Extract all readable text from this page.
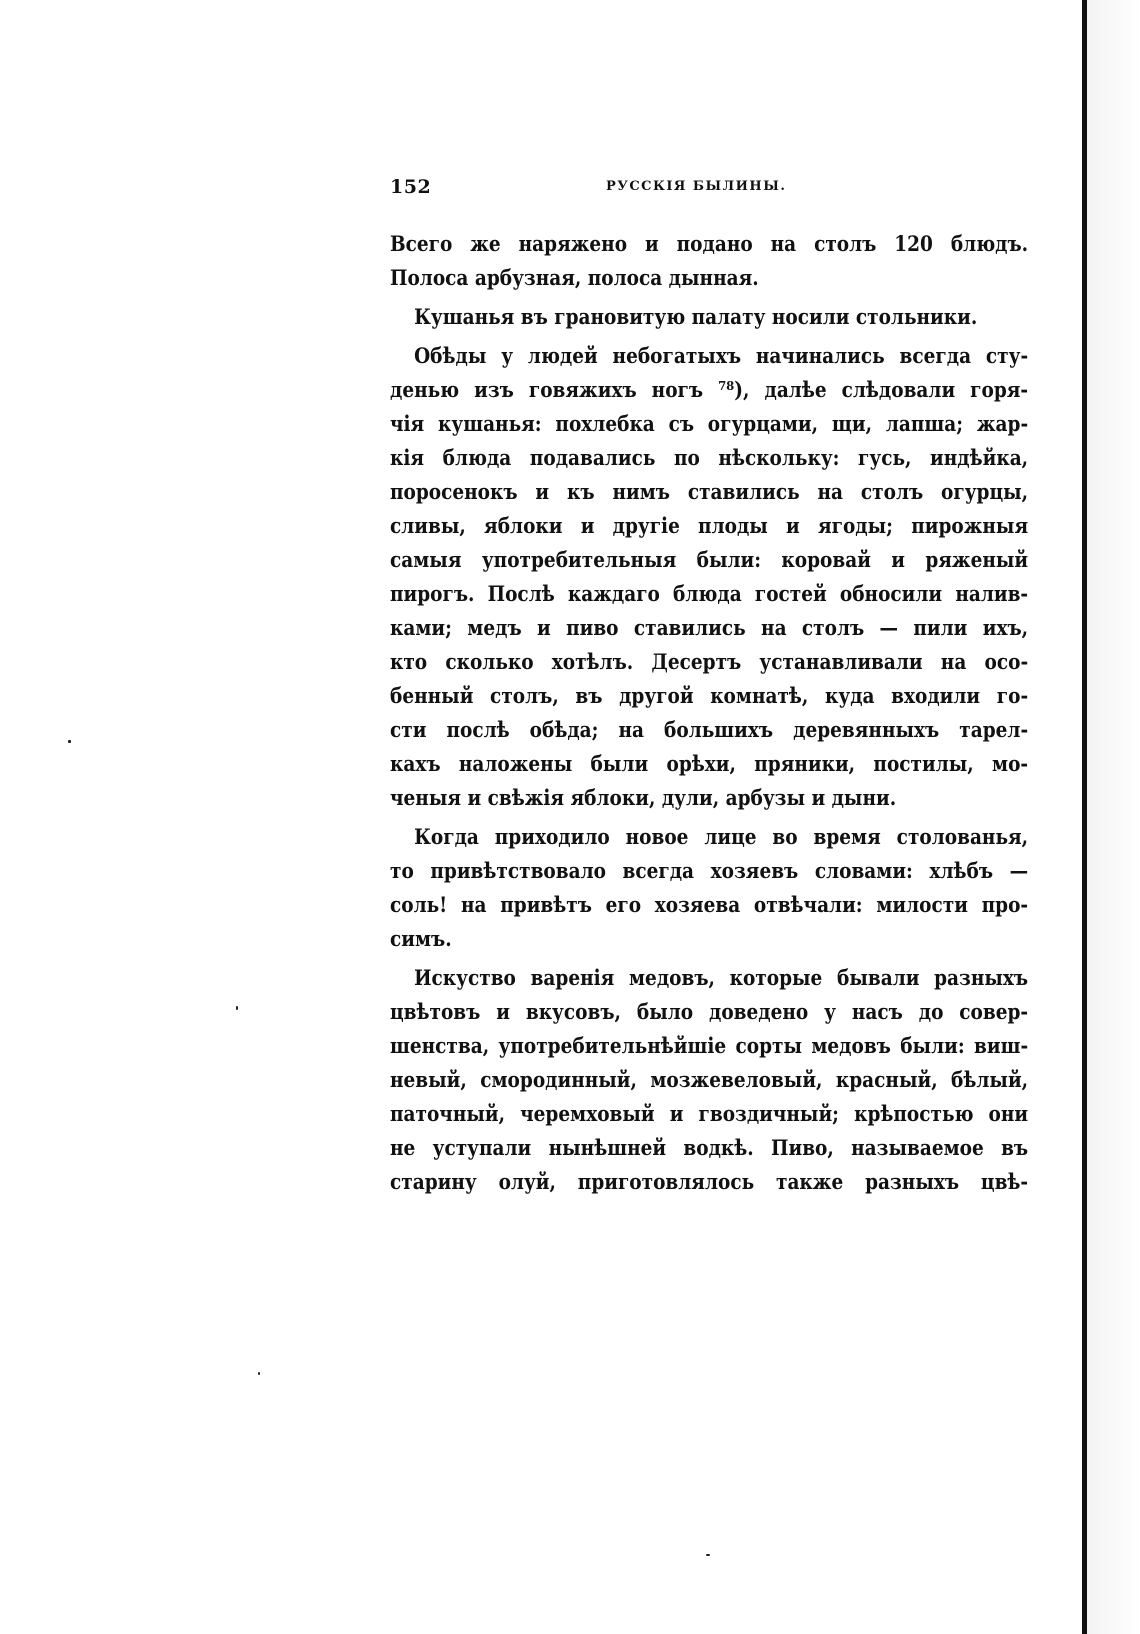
152	РУССКІЯ БЫЛИНЫ.
Всего же наряжено и подано на столъ 120 блюдъ.
Полоса арбузная, полоса дынная.
Кушанья въ грановитую палату носили стольники.
Обѣды у людей небогатыхъ начинались всегда сту-
денью изъ говяжихъ ногъ ⁷⁸), далѣе слѣдовали горя-
чія кушанья: похлебка съ огурцами, щи, лапша; жар-
кія блюда подавались по нѣскольку: гусь, индѣйка,
поросенокъ и къ нимъ ставились на столъ огурцы,
сливы, яблоки и другіе плоды и ягоды; пирожныя
самыя употребительныя были: коровай и ряженый
пирогъ. Послѣ каждаго блюда гостей обносили налив-
ками; медъ и пиво ставились на столъ — пили ихъ,
кто сколько хотѣлъ. Десертъ устанавливали на осо-
бенный столъ, въ другой комнатѣ, куда входили го-
сти послѣ обѣда; на большихъ деревянныхъ тарел-
кахъ наложены были орѣхи, пряники, постилы, мо-
ченыя и свѣжія яблоки, дули, арбузы и дыни.
Когда приходило новое лице во время столованья,
то привѣтствовало всегда хозяевъ словами: хлѣбъ —
соль! на привѣтъ его хозяева отвѣчали: милости про-
симъ.
Искуство варенія медовъ, которые бывали разныхъ
цвѣтовъ и вкусовъ, было доведено у насъ до совер-
шенства, употребительнѣйшіе сорты медовъ были: виш-
невый, смородинный, мозжевеловый, красный, бѣлый,
паточный, черемховый и гвоздичный; крѣпостью они
не уступали нынѣшней водкѣ. Пиво, называемое въ
старину олуй, приготовлялось также разныхъ цвѣ-
